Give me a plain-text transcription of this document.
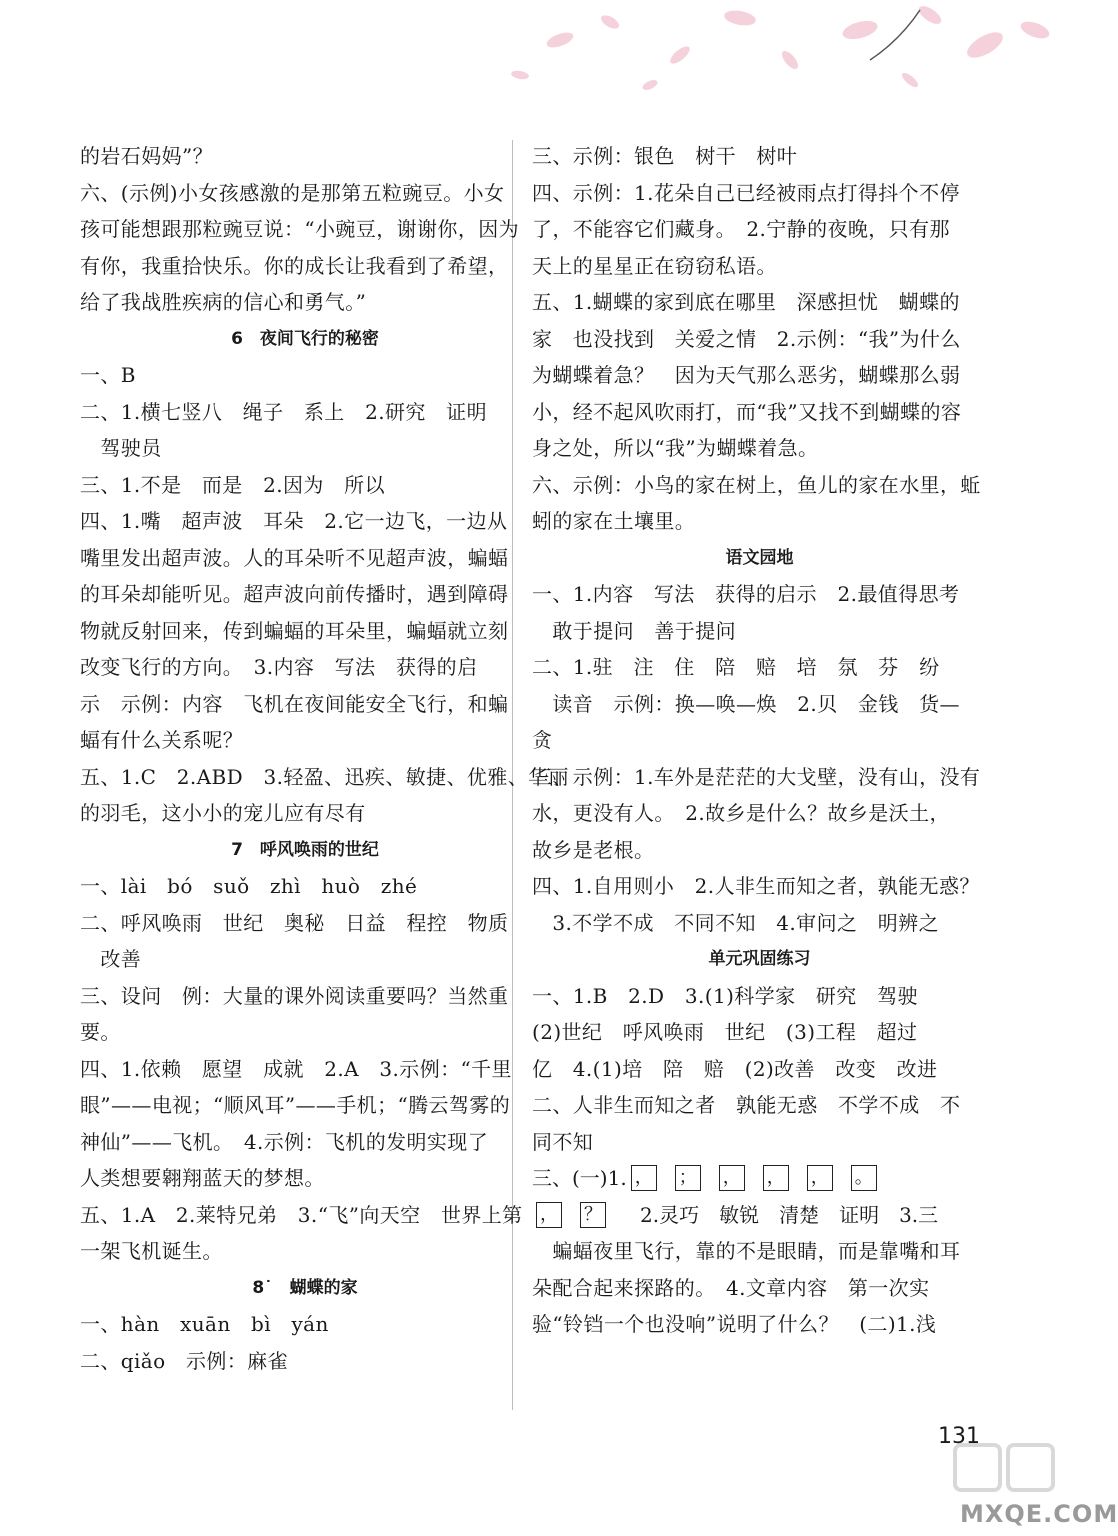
的岩石妈妈”？

六、(示例)小女孩感激的是那第五粒豌豆。小女

孩可能想跟那粒豌豆说：“小豌豆，谢谢你，因为

有你，我重拾快乐。你的成长让我看到了希望，

给了我战胜疾病的信心和勇气。”

6　夜间飞行的秘密

一、B

二、1.横七竖八　绳子　系上　2.研究　证明

　驾驶员

三、1.不是　而是　2.因为　所以

四、1.嘴　超声波　耳朵　2.它一边飞，一边从

嘴里发出超声波。人的耳朵听不见超声波，蝙蝠

的耳朵却能听见。超声波向前传播时，遇到障碍

物就反射回来，传到蝙蝠的耳朵里，蝙蝠就立刻

改变飞行的方向。　3.内容　写法　获得的启

示　示例：内容　飞机在夜间能安全飞行，和蝙

蝠有什么关系呢？

五、1.C　2.ABD　3.轻盈、迅疾、敏捷、优雅、华丽

的羽毛，这小小的宠儿应有尽有

7　呼风唤雨的世纪

一、lài　bó　suǒ　zhì　huò　zhé

二、呼风唤雨　世纪　奥秘　日益　程控　物质

　改善

三、设问　例：大量的课外阅读重要吗？当然重

要。

四、1.依赖　愿望　成就　2.A　3.示例：“千里

眼”——电视；“顺风耳”——手机；“腾云驾雾的

神仙”——飞机。　4.示例：飞机的发明实现了

人类想要翱翔蓝天的梦想。

五、1.A　2.莱特兄弟　3.“飞”向天空　世界上第

一架飞机诞生。

8˙　蝴蝶的家

一、hàn　xuān　bì　yán

二、qiǎo　示例：麻雀

三、示例：银色　树干　树叶

四、示例：1.花朵自己已经被雨点打得抖个不停

了，不能容它们藏身。　2.宁静的夜晚，只有那

天上的星星正在窃窃私语。

五、1.蝴蝶的家到底在哪里　深感担忧　蝴蝶的

家　也没找到　关爱之情　2.示例：“我”为什么

为蝴蝶着急？　因为天气那么恶劣，蝴蝶那么弱

小，经不起风吹雨打，而“我”又找不到蝴蝶的容

身之处，所以“我”为蝴蝶着急。

六、示例：小鸟的家在树上，鱼儿的家在水里，蚯

蚓的家在土壤里。

语文园地

一、1.内容　写法　获得的启示　2.最值得思考

　敢于提问　善于提问

二、1.驻　注　住　陪　赔　培　氛　芬　纷

　读音　示例：换—唤—焕　2.贝　金钱　货—

贪

三、示例：1.车外是茫茫的大戈壁，没有山，没有

水，更没有人。　2.故乡是什么？故乡是沃土，

故乡是老根。

四、1.自用则小　2.人非生而知之者，孰能无惑？

　3.不学不成　不同不知　4.审问之　明辨之

单元巩固练习

一、1.B　2.D　3.(1)科学家　研究　驾驶

(2)世纪　呼风唤雨　世纪　(3)工程　超过

亿　4.(1)培　陪　赔　(2)改善　改变　改进

二、人非生而知之者　孰能无惑　不学不成　不

同不知

三、(一)1. ， ； ， ， ， 。
， ？ 　2.灵巧　敏锐　清楚　证明　3.三

　蝙蝠夜里飞行，靠的不是眼睛，而是靠嘴和耳

朵配合起来探路的。　4.文章内容　第一次实

验“铃铛一个也没响”说明了什么？　(二)1.浅

131
MXQE.COM
